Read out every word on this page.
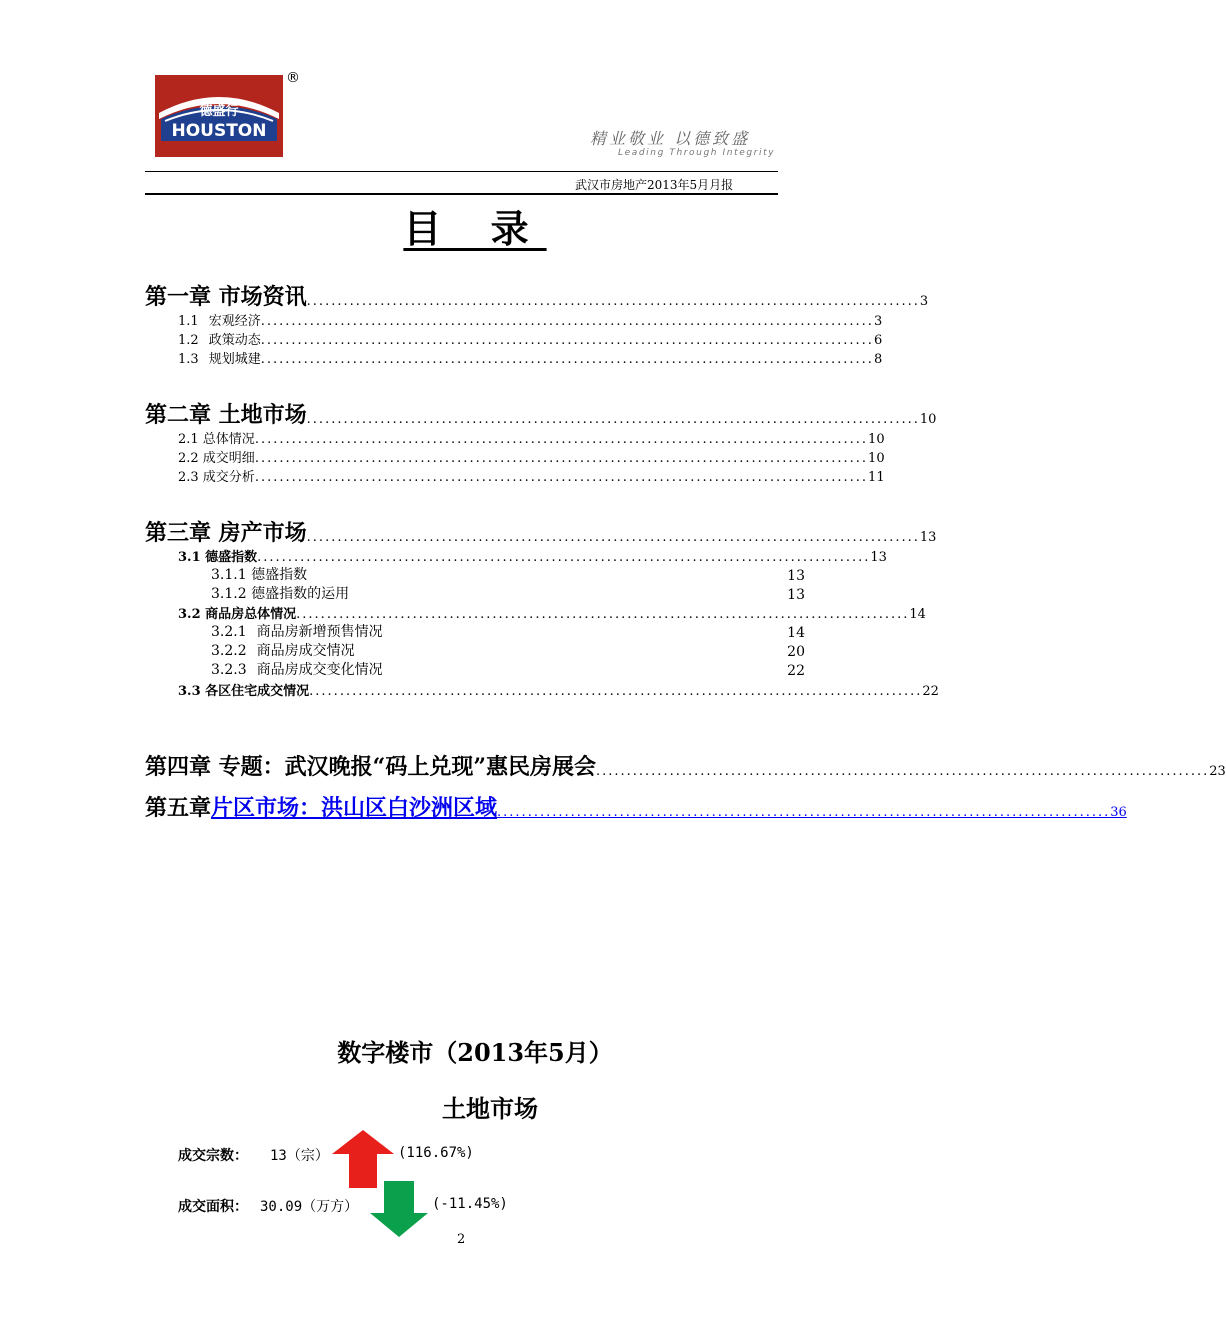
德盛行
HOUSTON
®
精业敬业 以德致盛
Leading Through Integrity
武汉市房地产2013年5月月报
目 录
第一章 市场资讯 .................................................................................................... 3
1.1 宏观经济 .................................................................................................... 3
1.2 政策动态 .................................................................................................... 6
1.3 规划城建 .................................................................................................... 8
第二章 土地市场 .................................................................................................... 10
2.1 总体情况 .................................................................................................... 10
2.2 成交明细 .................................................................................................... 10
2.3 成交分析 .................................................................................................... 11
第三章 房产市场 .................................................................................................... 13
3.1 德盛指数 .................................................................................................... 13
3.1.1 德盛指数	13
3.1.2 德盛指数的运用	13
3.2 商品房总体情况 .................................................................................................... 14
3.2.1 商品房新增预售情况	14
3.2.2 商品房成交情况	20
3.2.3 商品房成交变化情况	22
3.3 各区住宅成交情况 .................................................................................................... 22
第四章 专题：武汉晚报“码上兑现”惠民房展会 .................................................................................................... 23
第五章片区市场：洪山区白沙洲区域 .................................................................................................... 36
数字楼市（2013年5月）
土地市场
成交宗数： 13（宗）	(116.67%)
成交面积： 30.09（万方）	(-11.45%)
2
